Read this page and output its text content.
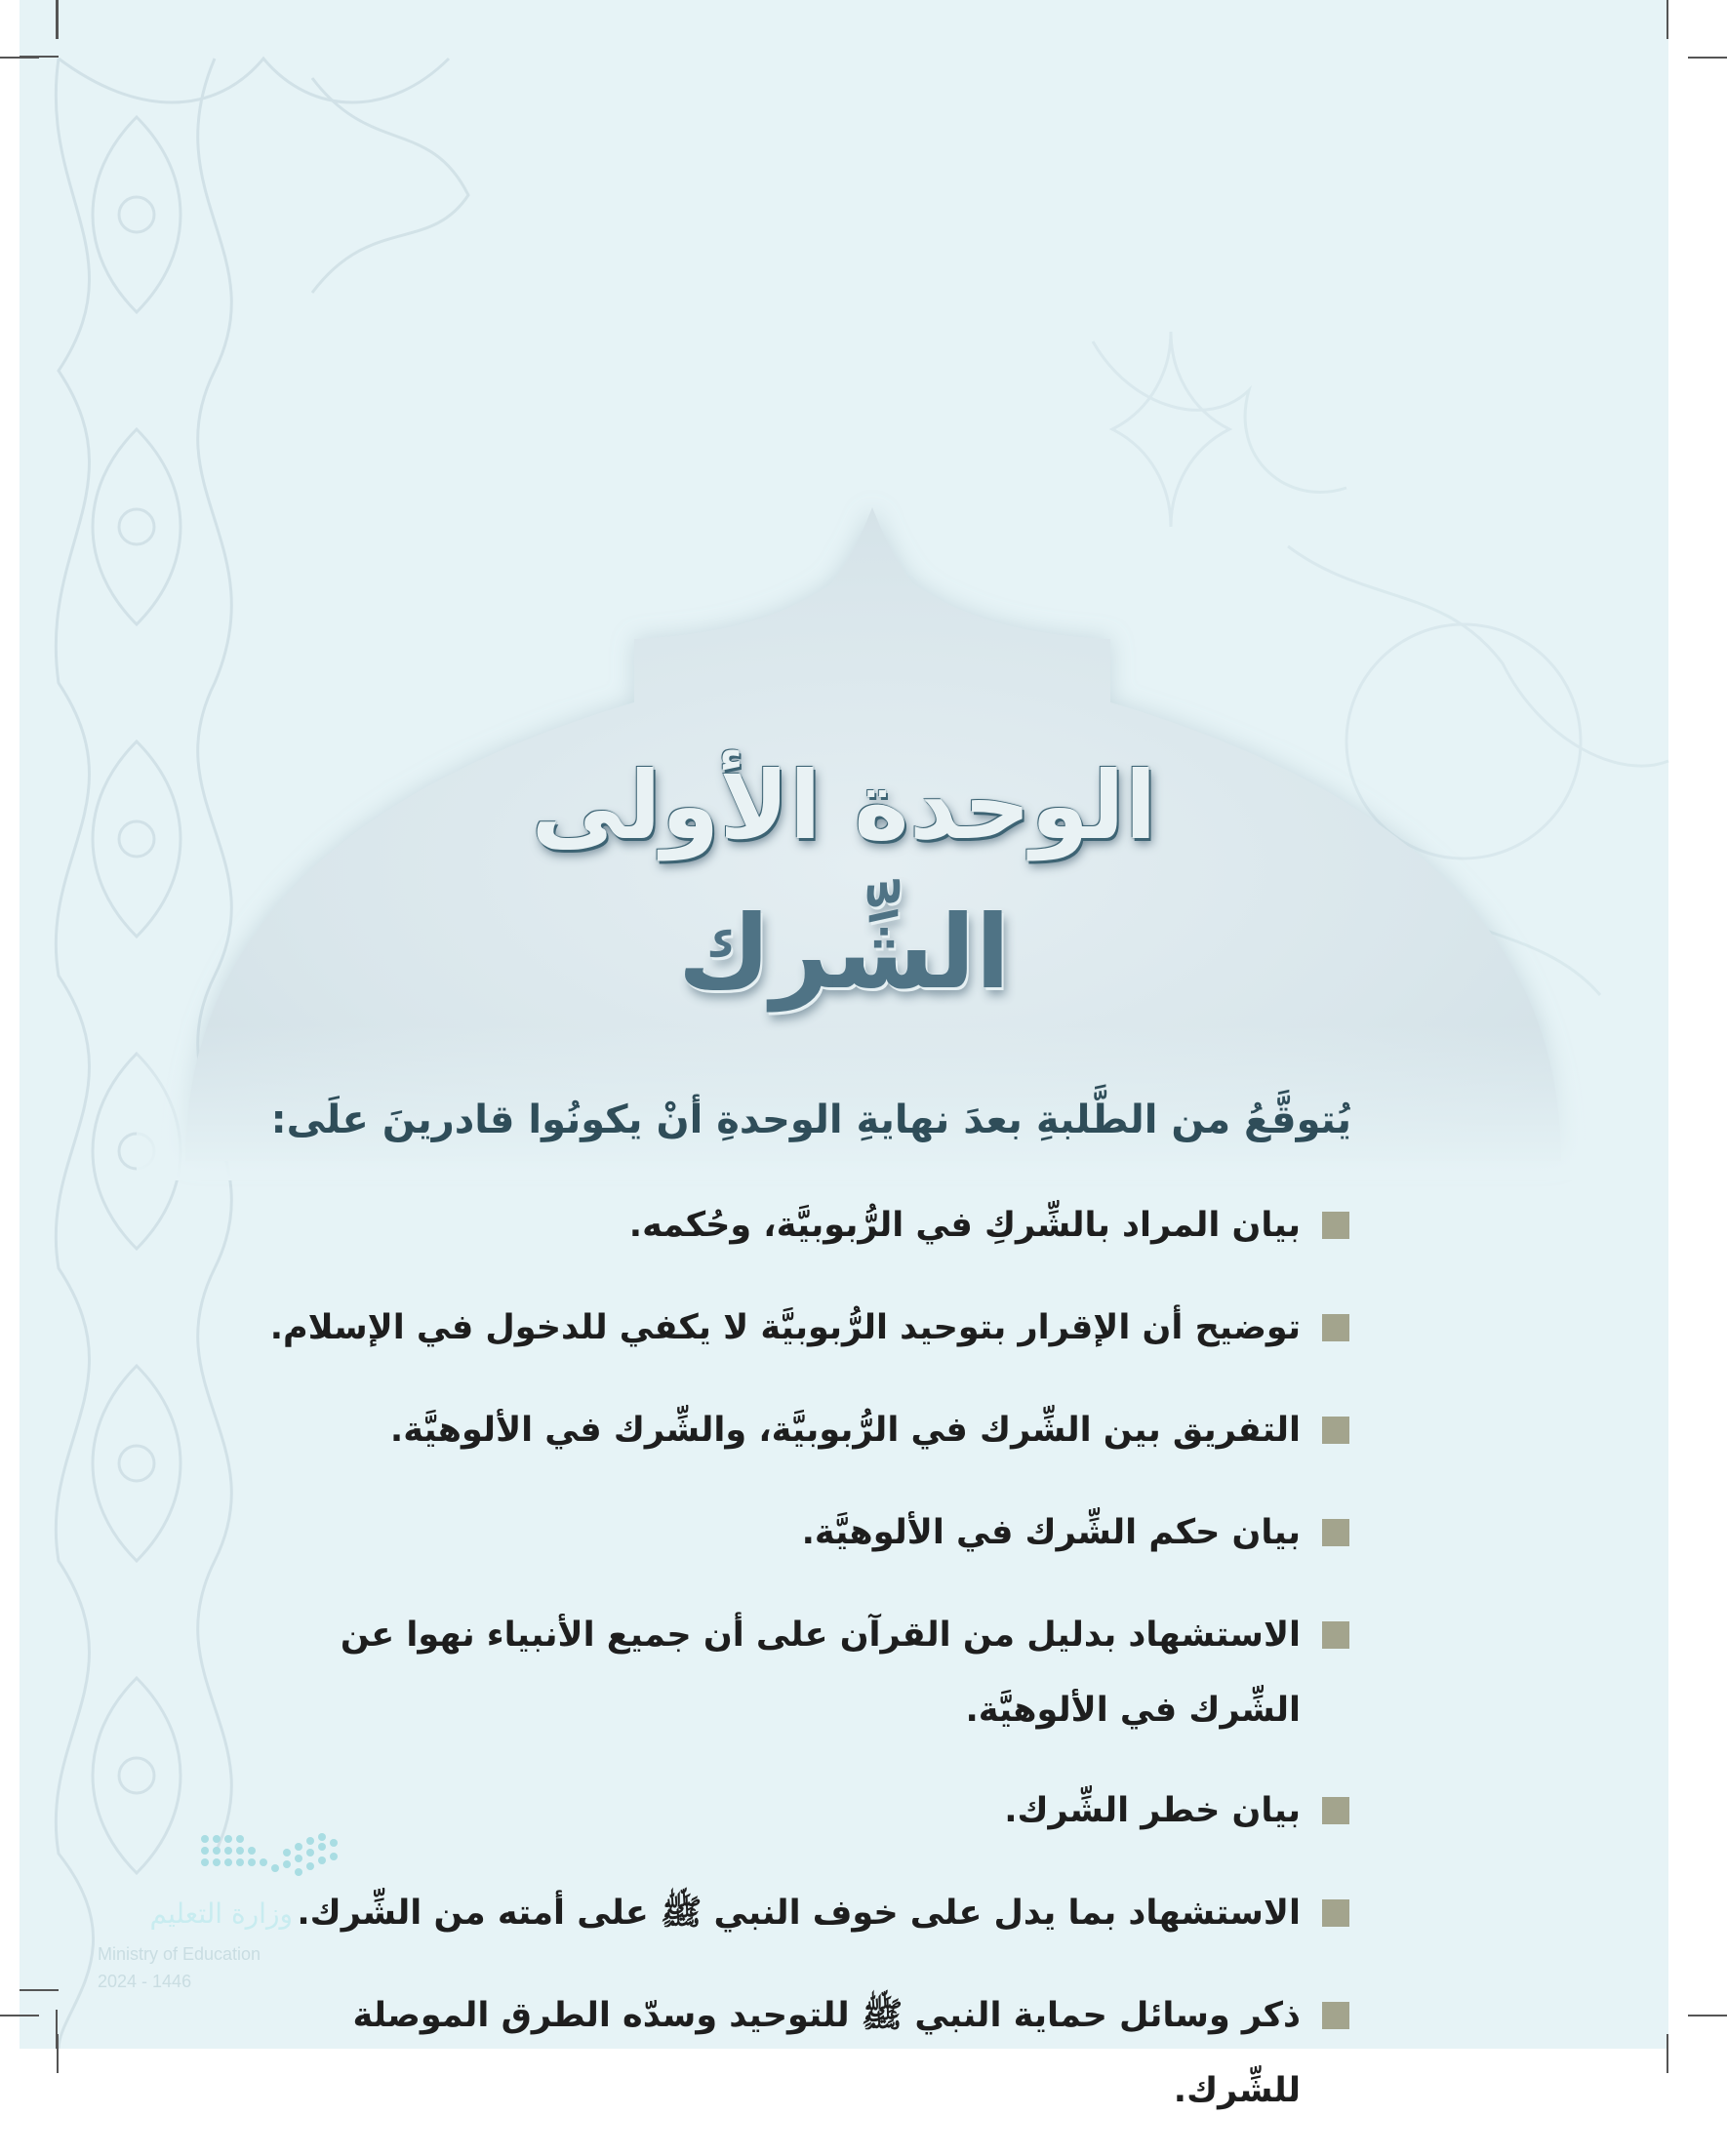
الوحدة الأولى
الشِّرك

يُتوقَّعُ من الطَّلبةِ بعدَ نهايةِ الوحدةِ أنْ يكونُوا قادرينَ علَى:

بيان المراد بالشِّركِ في الرُّبوبيَّة، وحُكمه.
توضيح أن الإقرار بتوحيد الرُّبوبيَّة لا يكفي للدخول في الإسلام.
التفريق بين الشِّرك في الرُّبوبيَّة، والشِّرك في الألوهيَّة.
بيان حكم الشِّرك في الألوهيَّة.
الاستشهاد بدليل من القرآن على أن جميع الأنبياء نهوا عن الشِّرك في الألوهيَّة.
بيان خطر الشِّرك.
الاستشهاد بما يدل على خوف النبي ﷺ على أمته من الشِّرك.
ذكر وسائل حماية النبي ﷺ للتوحيد وسدّه الطرق الموصلة للشِّرك.
وزارة التعليم
Ministry of Education
2024 - 1446
